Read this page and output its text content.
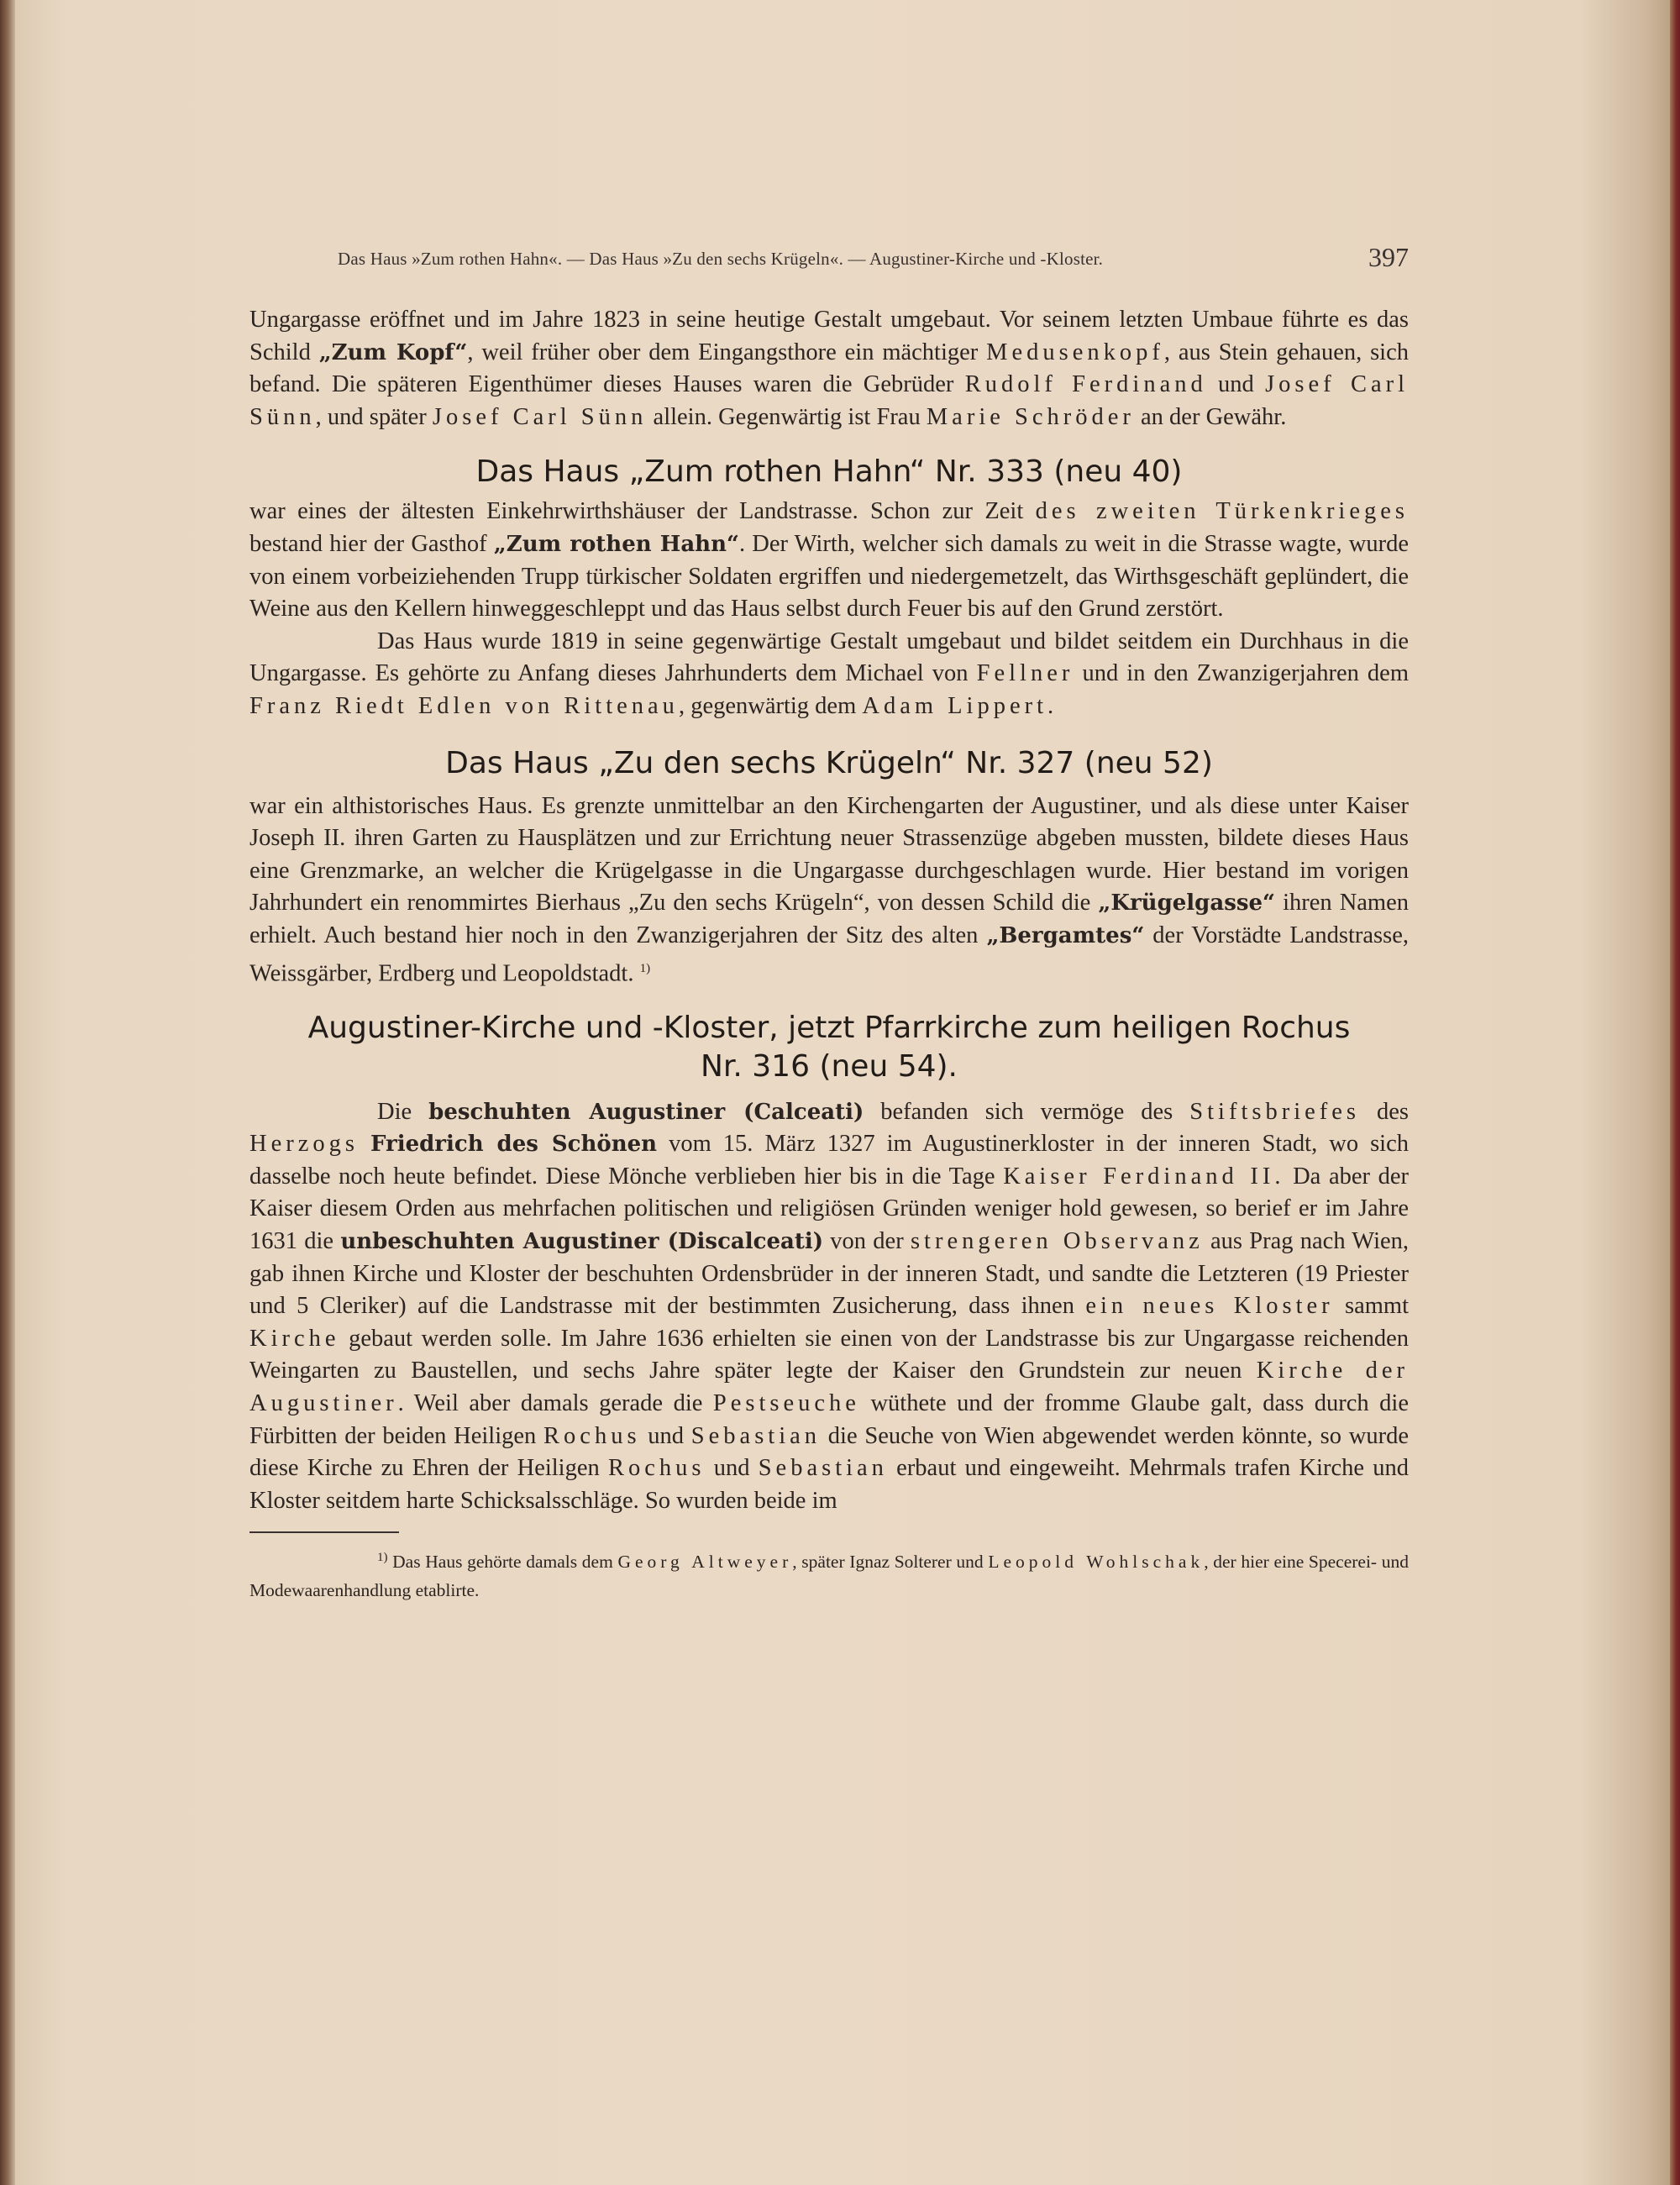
Das Haus »Zum rothen Hahn«. — Das Haus »Zu den sechs Krügeln«. — Augustiner-Kirche und -Kloster.	397

Ungargasse eröffnet und im Jahre 1823 in seine heutige Gestalt umgebaut. Vor seinem letzten Umbaue führte es das Schild „Zum Kopf“, weil früher ober dem Eingangsthore ein mächtiger Medusenkopf, aus Stein gehauen, sich befand. Die späteren Eigenthümer dieses Hauses waren die Gebrüder Rudolf Ferdinand und Josef Carl Sünn, und später Josef Carl Sünn allein. Gegenwärtig ist Frau Marie Schröder an der Gewähr.

Das Haus „Zum rothen Hahn“ Nr. 333 (neu 40)

war eines der ältesten Einkehrwirthshäuser der Landstrasse. Schon zur Zeit des zweiten Türkenkrieges bestand hier der Gasthof „Zum rothen Hahn“. Der Wirth, welcher sich damals zu weit in die Strasse wagte, wurde von einem vorbeiziehenden Trupp türkischer Soldaten ergriffen und niedergemetzelt, das Wirthsgeschäft geplündert, die Weine aus den Kellern hinweggeschleppt und das Haus selbst durch Feuer bis auf den Grund zerstört.

Das Haus wurde 1819 in seine gegenwärtige Gestalt umgebaut und bildet seitdem ein Durchhaus in die Ungargasse. Es gehörte zu Anfang dieses Jahrhunderts dem Michael von Fellner und in den Zwanzigerjahren dem Franz Riedt Edlen von Rittenau, gegenwärtig dem Adam Lippert.

Das Haus „Zu den sechs Krügeln“ Nr. 327 (neu 52)

war ein althistorisches Haus. Es grenzte unmittelbar an den Kirchengarten der Augustiner, und als diese unter Kaiser Joseph II. ihren Garten zu Hausplätzen und zur Errichtung neuer Strassenzüge abgeben mussten, bildete dieses Haus eine Grenzmarke, an welcher die Krügelgasse in die Ungargasse durchgeschlagen wurde. Hier bestand im vorigen Jahrhundert ein renommirtes Bierhaus „Zu den sechs Krügeln“, von dessen Schild die „Krügelgasse“ ihren Namen erhielt. Auch bestand hier noch in den Zwanzigerjahren der Sitz des alten „Bergamtes“ der Vorstädte Landstrasse, Weissgärber, Erdberg und Leopoldstadt. $^{1)}$

Augustiner-Kirche und -Kloster, jetzt Pfarrkirche zum heiligen Rochus
Nr. 316 (neu 54).

Die beschuhten Augustiner (Calceati) befanden sich vermöge des Stiftsbriefes des Herzogs Friedrich des Schönen vom 15. März 1327 im Augustinerkloster in der inneren Stadt, wo sich dasselbe noch heute befindet. Diese Mönche verblieben hier bis in die Tage Kaiser Ferdinand II. Da aber der Kaiser diesem Orden aus mehrfachen politischen und religiösen Gründen weniger hold gewesen, so berief er im Jahre 1631 die unbeschuhten Augustiner (Discalceati) von der strengeren Observanz aus Prag nach Wien, gab ihnen Kirche und Kloster der beschuhten Ordensbrüder in der inneren Stadt, und sandte die Letzteren (19 Priester und 5 Cleriker) auf die Landstrasse mit der bestimmten Zusicherung, dass ihnen ein neues Kloster sammt Kirche gebaut werden solle. Im Jahre 1636 erhielten sie einen von der Landstrasse bis zur Ungargasse reichenden Weingarten zu Baustellen, und sechs Jahre später legte der Kaiser den Grundstein zur neuen Kirche der Augustiner. Weil aber damals gerade die Pestseuche wüthete und der fromme Glaube galt, dass durch die Fürbitten der beiden Heiligen Rochus und Sebastian die Seuche von Wien abgewendet werden könnte, so wurde diese Kirche zu Ehren der Heiligen Rochus und Sebastian erbaut und eingeweiht. Mehrmals trafen Kirche und Kloster seitdem harte Schicksalsschläge. So wurden beide im

$^{1)}$ Das Haus gehörte damals dem Georg Altweyer, später Ignaz Solterer und Leopold Wohlschak, der hier eine Specerei- und Modewaarenhandlung etablirte.
